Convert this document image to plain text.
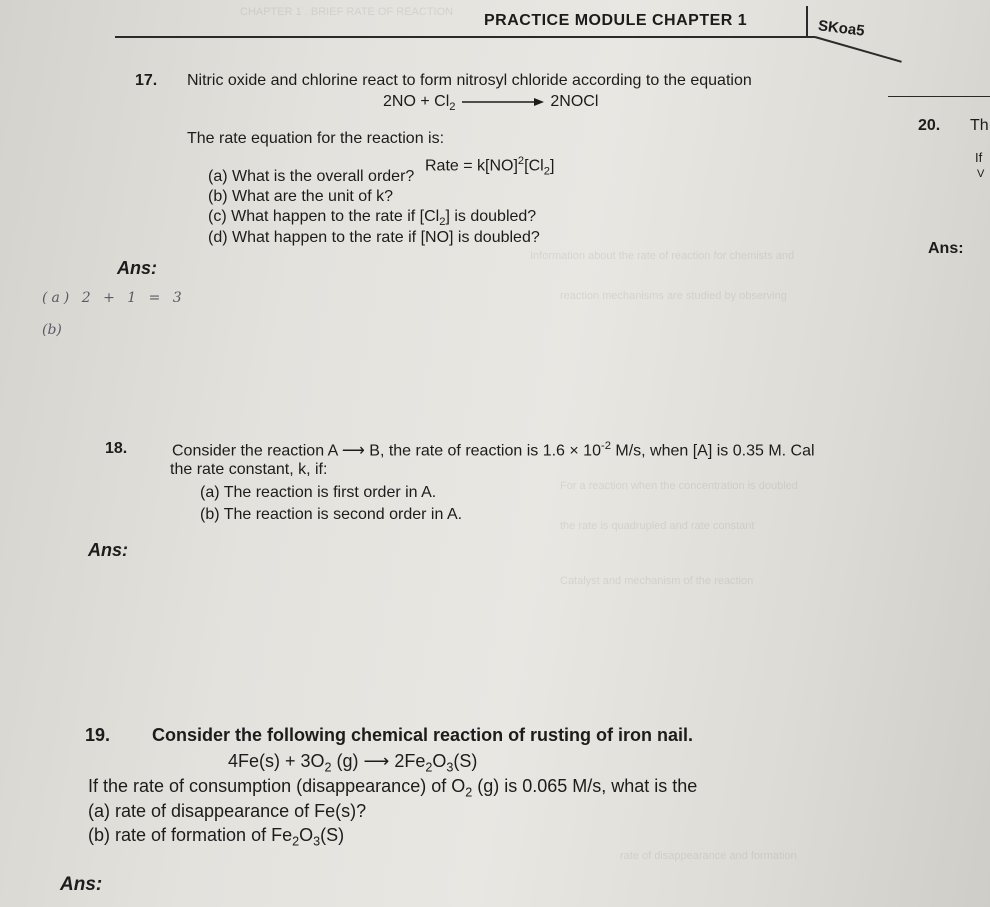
CHAPTER 1 . BRIEF RATE OF REACTION
Information about the rate of reaction for chemists and
reaction mechanisms are studied by observing
For a reaction when the concentration is doubled
the rate is quadrupled and rate constant
Catalyst and mechanism of the reaction
rate of disappearance and formation
PRACTICE MODULE CHAPTER 1	SKoa5
17. Nitric oxide and chlorine react to form nitrosyl chloride according to the equation
$2NO + Cl_2$	2NOCl
The rate equation for the reaction is:
Rate = $k[NO]^2[Cl_2]$
(a) What is the overall order?
(b) What are the unit of k?
(c) What happen to the rate if $[Cl_2]$ is doubled?
(d) What happen to the rate if [NO] is doubled?
Ans:
(a) 2 + 1 = 3
(b)
20. Th
If
V
Ans:
18.	Consider the reaction A ⟶ B, the rate of reaction is $1.6 \times 10^{-2}$ M/s, when [A] is 0.35 M. Cal
the rate constant, k, if:
(a) The reaction is first order in A.
(b) The reaction is second order in A.
Ans:
19. Consider the following chemical reaction of rusting of iron nail.
$4Fe(s) + 3O_2$ (g) ⟶ $2Fe_2O_3(S)$
If the rate of consumption (disappearance) of $O_2$ (g) is 0.065 M/s, what is the
(a) rate of disappearance of Fe(s)?
(b) rate of formation of $Fe_2O_3(S)$
Ans:
